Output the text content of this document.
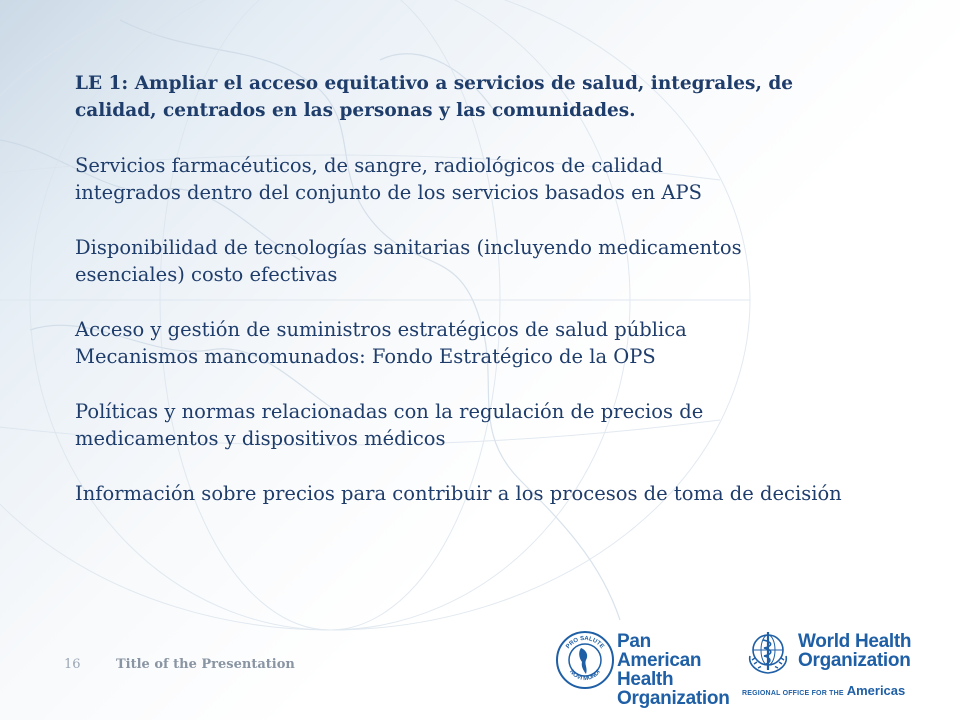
LE 1: Ampliar el acceso equitativo a servicios de salud, integrales, de
calidad, centrados en las personas y las comunidades.

Servicios farmacéuticos, de sangre, radiológicos de calidad
integrados dentro del conjunto de los servicios basados en APS

Disponibilidad de tecnologías sanitarias (incluyendo medicamentos
esenciales) costo efectivas

Acceso y gestión de suministros estratégicos de salud pública
Mecanismos mancomunados: Fondo Estratégico de la OPS

Políticas y normas relacionadas con la regulación de precios de
medicamentos y dispositivos médicos

Información sobre precios para contribuir a los procesos de toma de decisión

16	Title of the Presentation
PRO SALUTE
NOVI MUNDI
Pan American
Health
Organization
World Health
Organization
REGIONAL OFFICE FOR THE Americas
